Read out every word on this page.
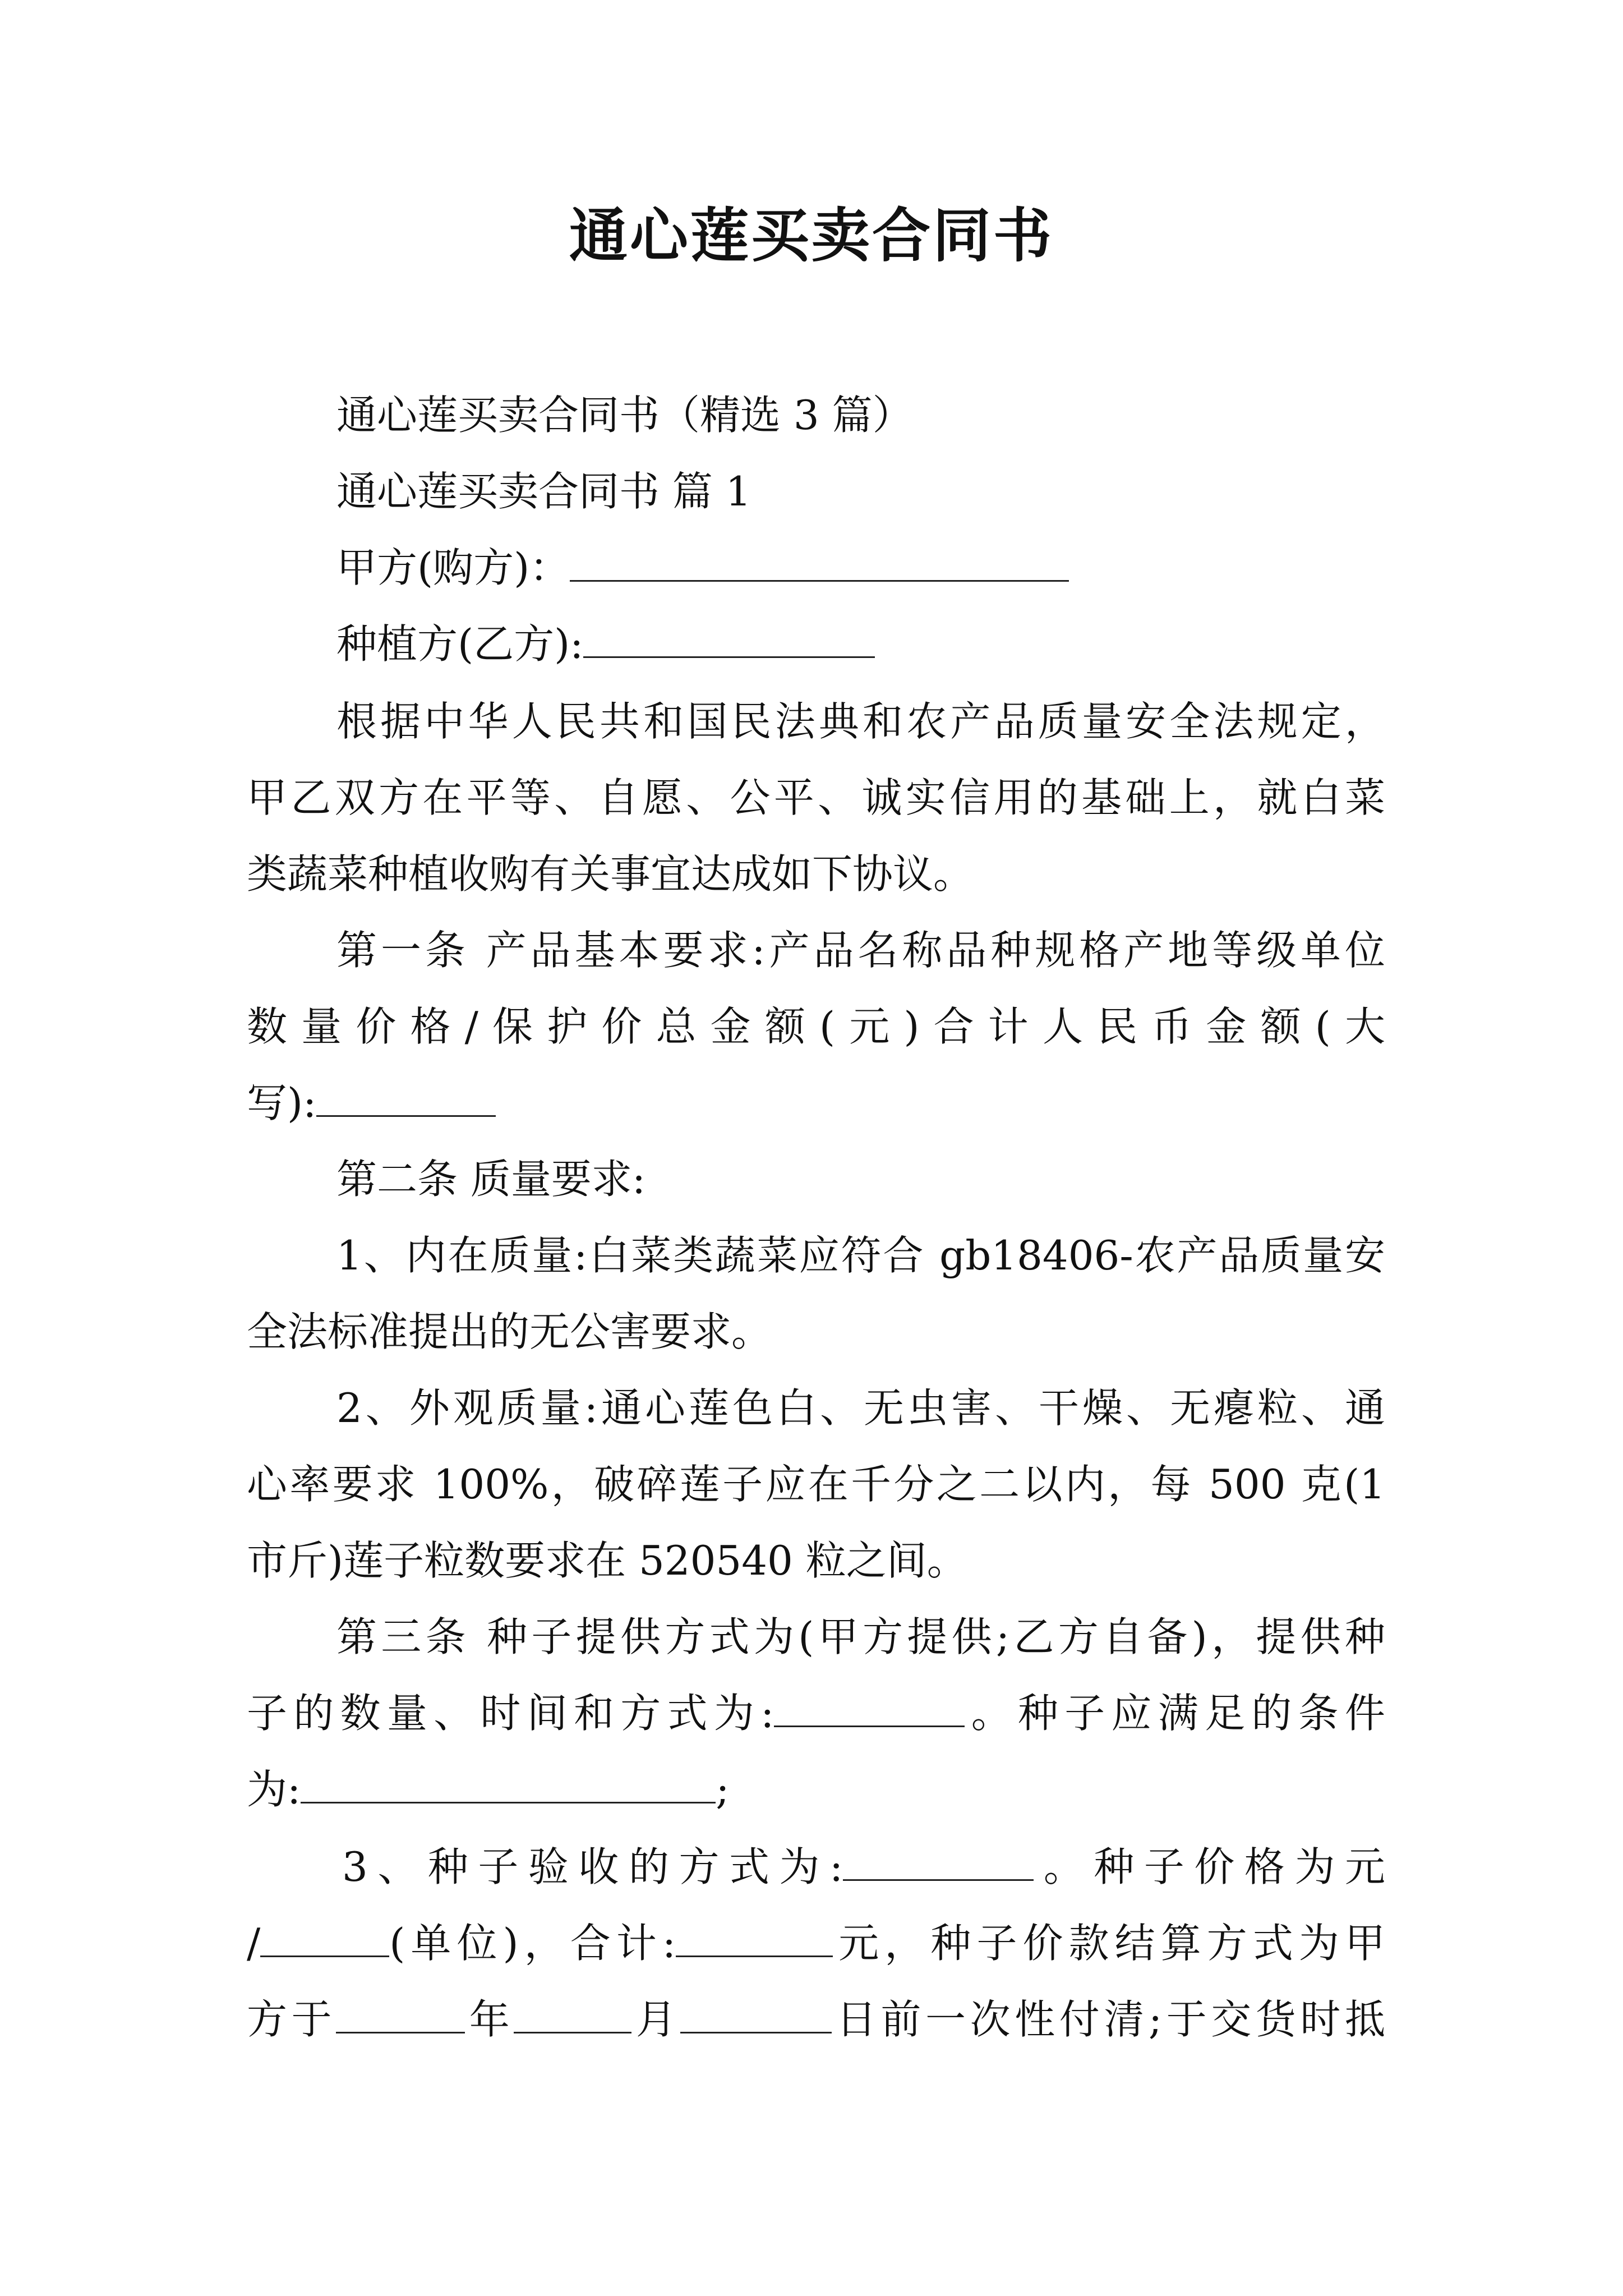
通心莲买卖合同书
通心莲买卖合同书（精选 3 篇）
通心莲买卖合同书 篇 1
甲方(购方)：
种植方(乙方):
根据中华人民共和国民法典和农产品质量安全法规定，
甲乙双方在平等、自愿、公平、诚实信用的基础上，就白菜
类蔬菜种植收购有关事宜达成如下协议。
第一条 产品基本要求:产品名称品种规格产地等级单位
数量价格/保护价总金额(元)合计人民币金额(大
写):
第二条 质量要求:
1、内在质量:白菜类蔬菜应符合 gb18406-农产品质量安
全法标准提出的无公害要求。
2、外观质量:通心莲色白、无虫害、干燥、无瘪粒、通
心率要求 100%，破碎莲子应在千分之二以内，每 500 克(1
市斤)莲子粒数要求在 520540 粒之间。
第三条 种子提供方式为(甲方提供;乙方自备)，提供种
子的数量、时间和方式为:	。种子应满足的条件
为:	;
3、种子验收的方式为:	。种子价格为元
/	(单位)，合计:	元，种子价款结算方式为甲
方于	年	月	日前一次性付清;于交货时抵
